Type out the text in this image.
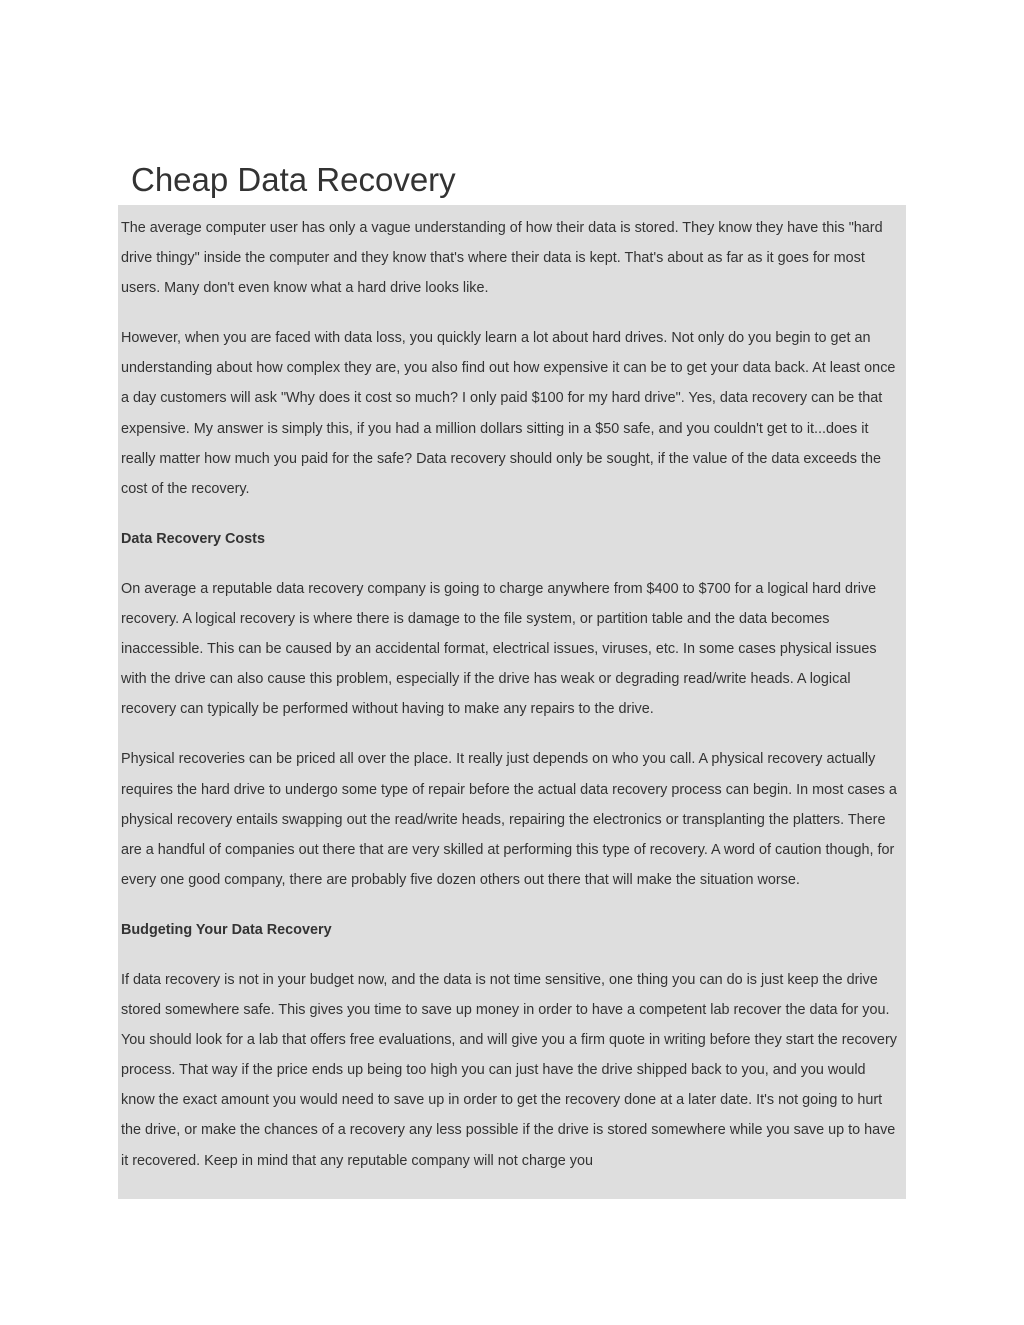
Cheap Data Recovery

The average computer user has only a vague understanding of how their data is stored. They know they have this "hard drive thingy" inside the computer and they know that's where their data is kept. That's about as far as it goes for most users. Many don't even know what a hard drive looks like.

However, when you are faced with data loss, you quickly learn a lot about hard drives. Not only do you begin to get an understanding about how complex they are, you also find out how expensive it can be to get your data back. At least once a day customers will ask "Why does it cost so much? I only paid $100 for my hard drive". Yes, data recovery can be that expensive. My answer is simply this, if you had a million dollars sitting in a $50 safe, and you couldn't get to it...does it really matter how much you paid for the safe? Data recovery should only be sought, if the value of the data exceeds the cost of the recovery.

Data Recovery Costs

On average a reputable data recovery company is going to charge anywhere from $400 to $700 for a logical hard drive recovery. A logical recovery is where there is damage to the file system, or partition table and the data becomes inaccessible. This can be caused by an accidental format, electrical issues, viruses, etc. In some cases physical issues with the drive can also cause this problem, especially if the drive has weak or degrading read/write heads. A logical recovery can typically be performed without having to make any repairs to the drive.

Physical recoveries can be priced all over the place. It really just depends on who you call. A physical recovery actually requires the hard drive to undergo some type of repair before the actual data recovery process can begin. In most cases a physical recovery entails swapping out the read/write heads, repairing the electronics or transplanting the platters. There are a handful of companies out there that are very skilled at performing this type of recovery. A word of caution though, for every one good company, there are probably five dozen others out there that will make the situation worse.

Budgeting Your Data Recovery

If data recovery is not in your budget now, and the data is not time sensitive, one thing you can do is just keep the drive stored somewhere safe. This gives you time to save up money in order to have a competent lab recover the data for you. You should look for a lab that offers free evaluations, and will give you a firm quote in writing before they start the recovery process. That way if the price ends up being too high you can just have the drive shipped back to you, and you would know the exact amount you would need to save up in order to get the recovery done at a later date. It's not going to hurt the drive, or make the chances of a recovery any less possible if the drive is stored somewhere while you save up to have it recovered. Keep in mind that any reputable company will not charge you
